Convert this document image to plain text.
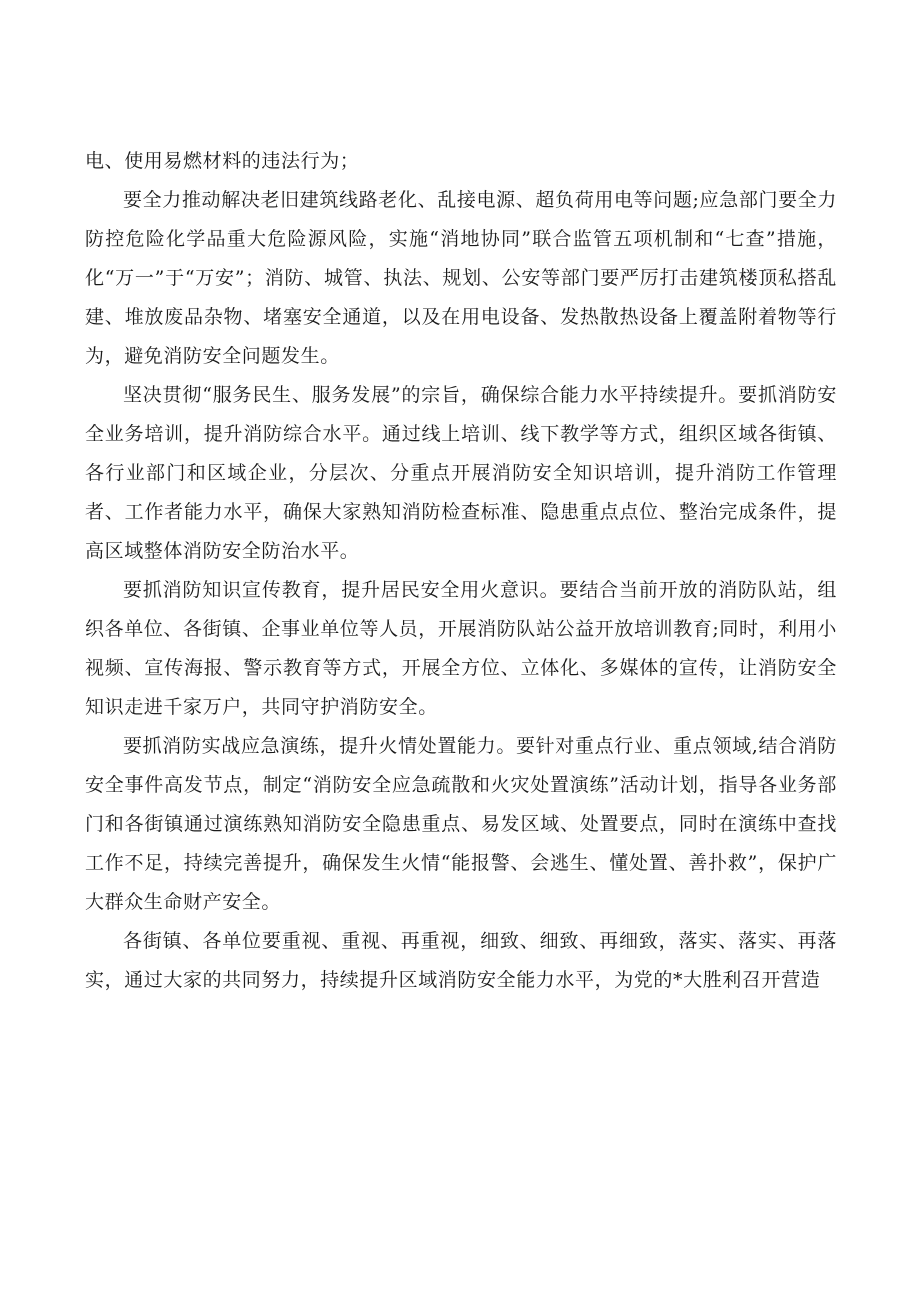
电、使用易燃材料的违法行为；

要全力推动解决老旧建筑线路老化、乱接电源、超负荷用电等问题;应急部门要全力防控危险化学品重大危险源风险，实施“消地协同”联合监管五项机制和“七查”措施，化“万一”于“万安”；消防、城管、执法、规划、公安等部门要严厉打击建筑楼顶私搭乱建、堆放废品杂物、堵塞安全通道，以及在用电设备、发热散热设备上覆盖附着物等行为，避免消防安全问题发生。

坚决贯彻“服务民生、服务发展”的宗旨，确保综合能力水平持续提升。要抓消防安全业务培训，提升消防综合水平。通过线上培训、线下教学等方式，组织区域各街镇、各行业部门和区域企业，分层次、分重点开展消防安全知识培训，提升消防工作管理者、工作者能力水平，确保大家熟知消防检查标准、隐患重点点位、整治完成条件，提高区域整体消防安全防治水平。

要抓消防知识宣传教育，提升居民安全用火意识。要结合当前开放的消防队站，组织各单位、各街镇、企事业单位等人员，开展消防队站公益开放培训教育;同时，利用小视频、宣传海报、警示教育等方式，开展全方位、立体化、多媒体的宣传，让消防安全知识走进千家万户，共同守护消防安全。

要抓消防实战应急演练，提升火情处置能力。要针对重点行业、重点领域,结合消防安全事件高发节点，制定“消防安全应急疏散和火灾处置演练”活动计划，指导各业务部门和各街镇通过演练熟知消防安全隐患重点、易发区域、处置要点，同时在演练中查找工作不足，持续完善提升，确保发生火情“能报警、会逃生、懂处置、善扑救”，保护广大群众生命财产安全。

各街镇、各单位要重视、重视、再重视，细致、细致、再细致，落实、落实、再落实，通过大家的共同努力，持续提升区域消防安全能力水平，为党的*大胜利召开营造
